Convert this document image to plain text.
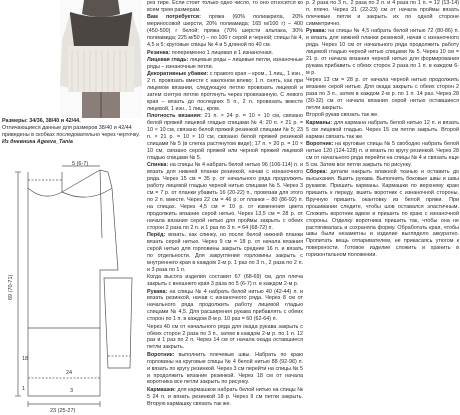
Размеры: 34/36, 38/40 и 42/44.
Отличающиеся данные для размеров 38/40 и 42/44 приведены в скобках последовательно через черточку.
Из дневника Ageeva_Tania
23 (25-27)
5 (6-7)
69 (70-71)
18
1
24
3

рез тире. Если стоит только одно число, то оно относится ко всем трем размерам.

Вам потребуется: пряжа (60% полиакрила, 20% мериносовой шерсти, 20% полиамида; 165 м/100 г) – 400 (450-500) г белой; пряжа (70% шерсти альпака, 30% полиамида; 225 м/50 г) – по 100 г серой и черной; спицы № 4, 4,5 и 5; круговые спицы № 4 и 5 длиной по 40 см.

Резинка: попеременно 1 лицевая и 1 изнаночная.

Лицевая гладь: лицевые ряды – лицевые петли, изнаночные ряды – изнаночные петли.

Декоративные убавки: с правого края – кром., 1 лиц., 1 изн., 2 п. провязать вместе с наклоном влево: 1 п. снять, как при лицевом вязании, следующую петлю провязать лицевой и затем снятую петлю протянуть через провязанную. С левого края – вязать до последних 5 п., 2 п. провязать вместе лицевой, 1 изн., 1 лиц., кром.

Плотность вязания: 21 п. × 24 р. = 10 × 10 см, связано белой пряжей лицевой гладью спицами № 4; 20 п. × 21 р. = 10 × 10 см, связано белой пряжей резинкой спицами № 5; 23 п. × 21 р. = 10 × 10 см, связано белой пряжей резинкой спицами № 5 (в слегка растянутом виде); 17 п. × 20 р. = 10 × 10 см, связано серой пряжей или черной пряжей лицевой гладью спицами № 5.

Спинка: на спицы № 4 набрать белой нитью 96 (106-114) п. и вязать для нижней планки резинкой, начав с изнаночного ряда. Через 15 см = 35 р. от начального ряда продолжить работу лицевой гладью черной нитью спицами № 5. Через 3 см = 7 р. от планки убавить 16 (20-22) п., провязав для этого по 2 п. вместе. Через 22 см = 46 р. от планки – 80 (86-92) п. на спицах. Через 4,5 см = 10 р. от изменения цвета продолжить вязание серой нитью. Через 13,5 см = 28 р. от начала вязания серой нитью для проймы закрыть с обеих сторон 2 раза по 2 п. и 1 раз по 3 п. = 64 (68-72) п.

Перёд: вязать, как спинку, но после белой нижней планки вязать серой нитью. Через 9 см = 18 р. от начала вязания серой нитью для горловины закрыть средние 16 п. и вязать по отдельности. Для закругления горловины закрыть с внутреннего края в каждом 2-м р. 1 раз по 3 п., 2 раза по 2 п. и 3 раза по 1 п.

Когда высота изделия составит 67 (68-69) см, для плеча закрыть с внешнего края 3 раза по 5 (6-7) п. в каждом 2-м р.

Рукава: на спицы № 4 набрать белой нитью 40 (42-44) п. и вязать резинкой, начав с изнаночного ряда. Через 8 см от начального ряда продолжить работу лицевой гладью спицами № 4,5. Для расширения рукава прибавлять с обеих сторон по 1 п. в каждом 8-м р. 10 раз = 60 (62-64) п.

Через 40 см от начального ряда для окада рукава закрыть с обеих сторон 2 раза по 3 п., затем в каждом 2-м р. по 1 п. 12 раз и 1 раз по 2 п. Через 14 см от начала окада оставшиеся петли закрыть.

Воротник: выполнить плечевые швы. Набрать по краю горловины на круговые спицы № 4 белой нитью 88 (92-96) п. и вязать по кругу резинкой. Через 3 см перейти на спицы № 5 и продолжить вязание резинкой. Через 18 см от начала воротника все петли закрыть по рисунку.

Кармашки: для кармашков набрать белой нитью на спицы № 5 24 п. и вязать резинкой 18 р. Через 9 см петли закрыть. Вторую кармашку связать так же.

р. 2 раза по 3 п., 2 раза по 2 п. и 4 раза по 1 п. = 12 (13-14) п. плечо. Через 21 (22-23) см от начала проймы вязать плечевые петли и закрыть их по одной стороне симметрично.

Рукава: на спицы № 4,5 набрать белой нитью 72 (80-86) п. и вязать для нижней планки резинкой, начав с изнаночного ряда. Через 10 см от начального ряда продолжить работу лицевой гладью черной нитью спицами № 5. Через 10 см = 21 р. от начала вязания черной нитью для формирования рукава прибавить с обеих сторон 2 раза по 1 п. в каждом 6-м р.

Через 13 см = 28 р. от начала черной нитью продолжить вязание серой нитью. Для окада закрыть с обеих сторон 2 раза по 3 п., затем в каждом 2-м р. по 1 п. 14 раз. Через 28 (30-32) см от начала вязания серой нитью оставшиеся петли закрыть.

Второй рукав связать так же.

Карманы: для кармана набрать белой нитью 12 п. и вязать 5 см лицевой гладью. Через 15 см петли закрыть. Второй карман связать так же.

Воротник: на круговые спицы № 5 свободно набрать белой нитью 120 (124-128) п. и вязать по кругу резинкой. Через 28 см от начального ряда перейти на спицы № 4 и связать еще 5 см. Затем все петли закрыть по рисунку.

Сборка: детали накрыть влажной тканью и оставить до высыхания. Вшить рукава. Выполнить боковые швы и швы рукавов. Пришить карманы. Кармашки по верхнему краю пришить к переду, вшить воротник с изнаночной стороны. Вручную пришить окантовку из белой пряжи. При прошивании следите, чтобы шов оставался эластичным. Сложить воротник вдвое и пришить по краю с изнаночной стороны. Отделку воротника пришить так, чтобы она не растягивалась и сохраняла форму. Обработать края, чтобы швы были незаметны и изделие выглядело аккуратно. Пропитать вещь отпаривателем, не прикасаясь утюгом к поверхности. Готовое изделие сложить и хранить в горизонтальном положении.
